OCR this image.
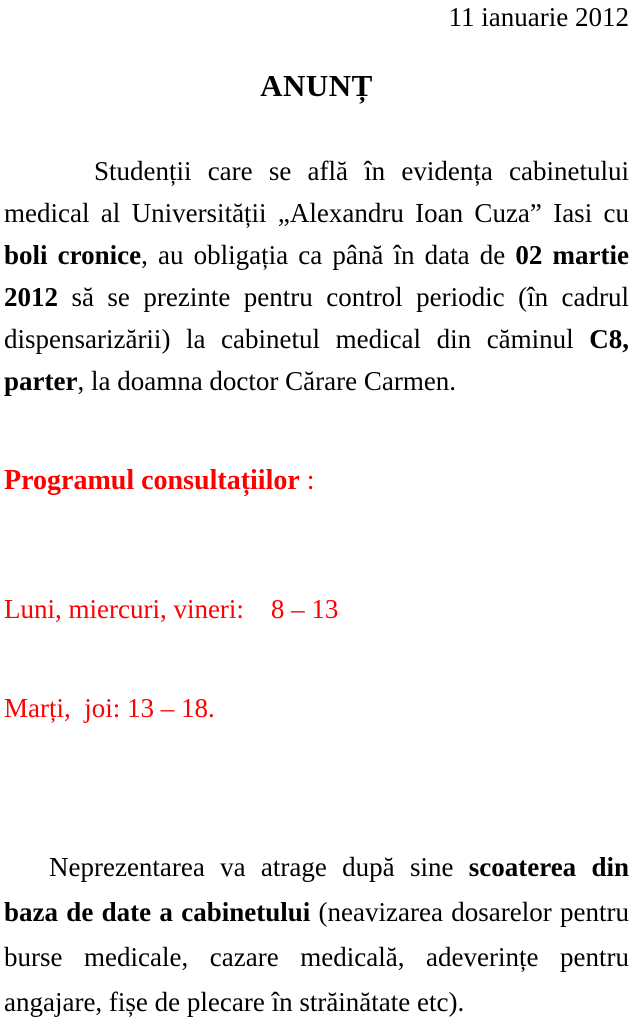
11 ianuarie 2012
ANUNȚ

Studenții care se află în evidența cabinetului medical al Universității „Alexandru Ioan Cuza” Iasi cu boli cronice, au obligația ca până în data de 02 martie 2012 să se prezinte pentru control periodic (în cadrul dispensarizării) la cabinetul medical din căminul C8, parter, la doamna doctor Cărare Carmen.

Programul consultațiilor :

Luni, miercuri, vineri:    8 – 13

Marți,  joi: 13 – 18.

Neprezentarea va atrage după sine scoaterea din baza de date a cabinetului (neavizarea dosarelor pentru burse medicale, cazare medicală, adeverințe pentru angajare, fișe de plecare în străinătate etc).
